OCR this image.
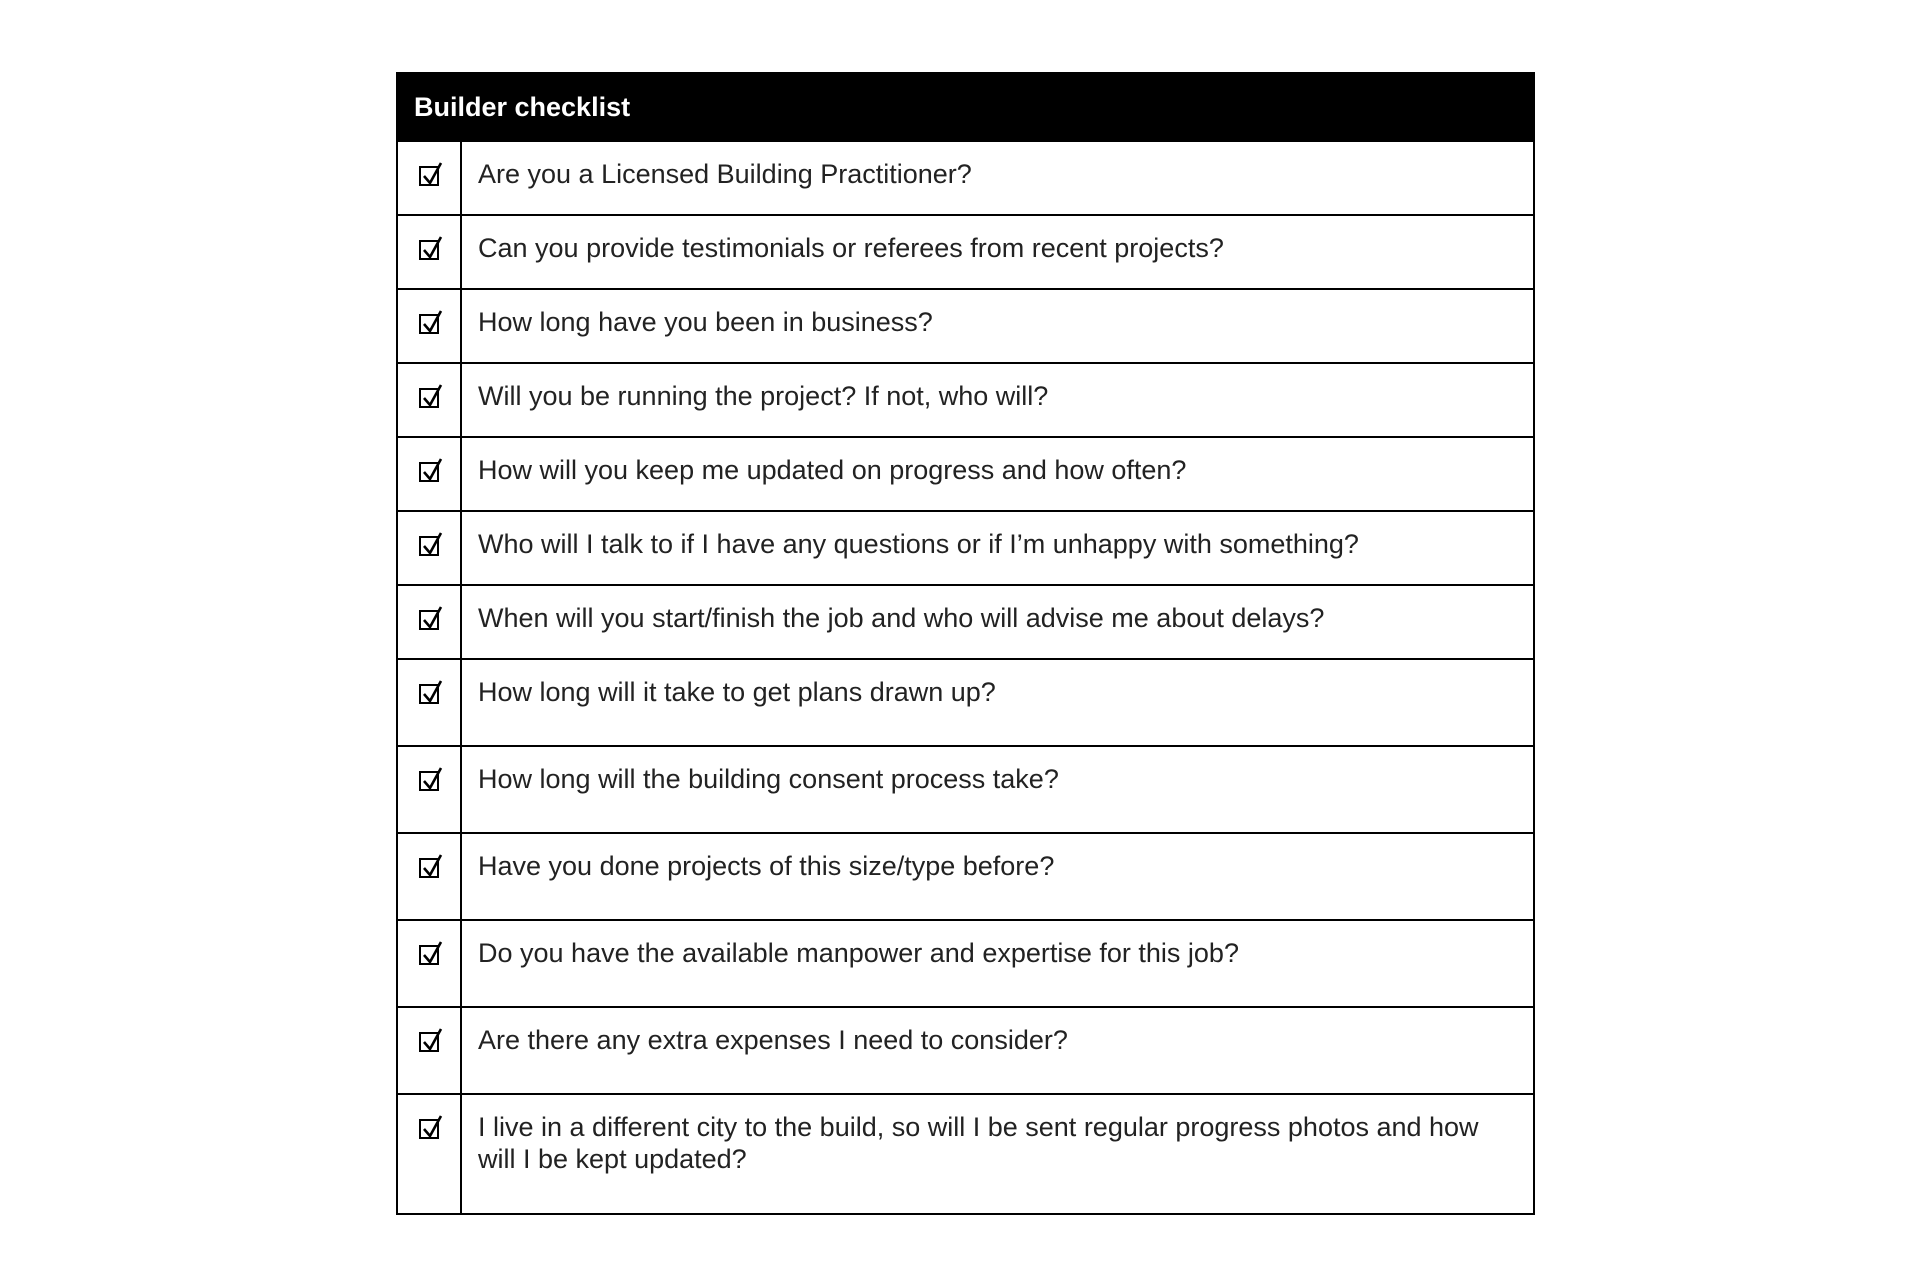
Builder checklist
Are you a Licensed Building Practitioner?
Can you provide testimonials or referees from recent projects?
How long have you been in business?
Will you be running the project? If not, who will?
How will you keep me updated on progress and how often?
Who will I talk to if I have any questions or if I’m unhappy with something?
When will you start/finish the job and who will advise me about delays?
How long will it take to get plans drawn up?
How long will the building consent process take?
Have you done projects of this size/type before?
Do you have the available manpower and expertise for this job?
Are there any extra expenses I need to consider?
I live in a different city to the build, so will I be sent regular progress photos and how will I be kept updated?
